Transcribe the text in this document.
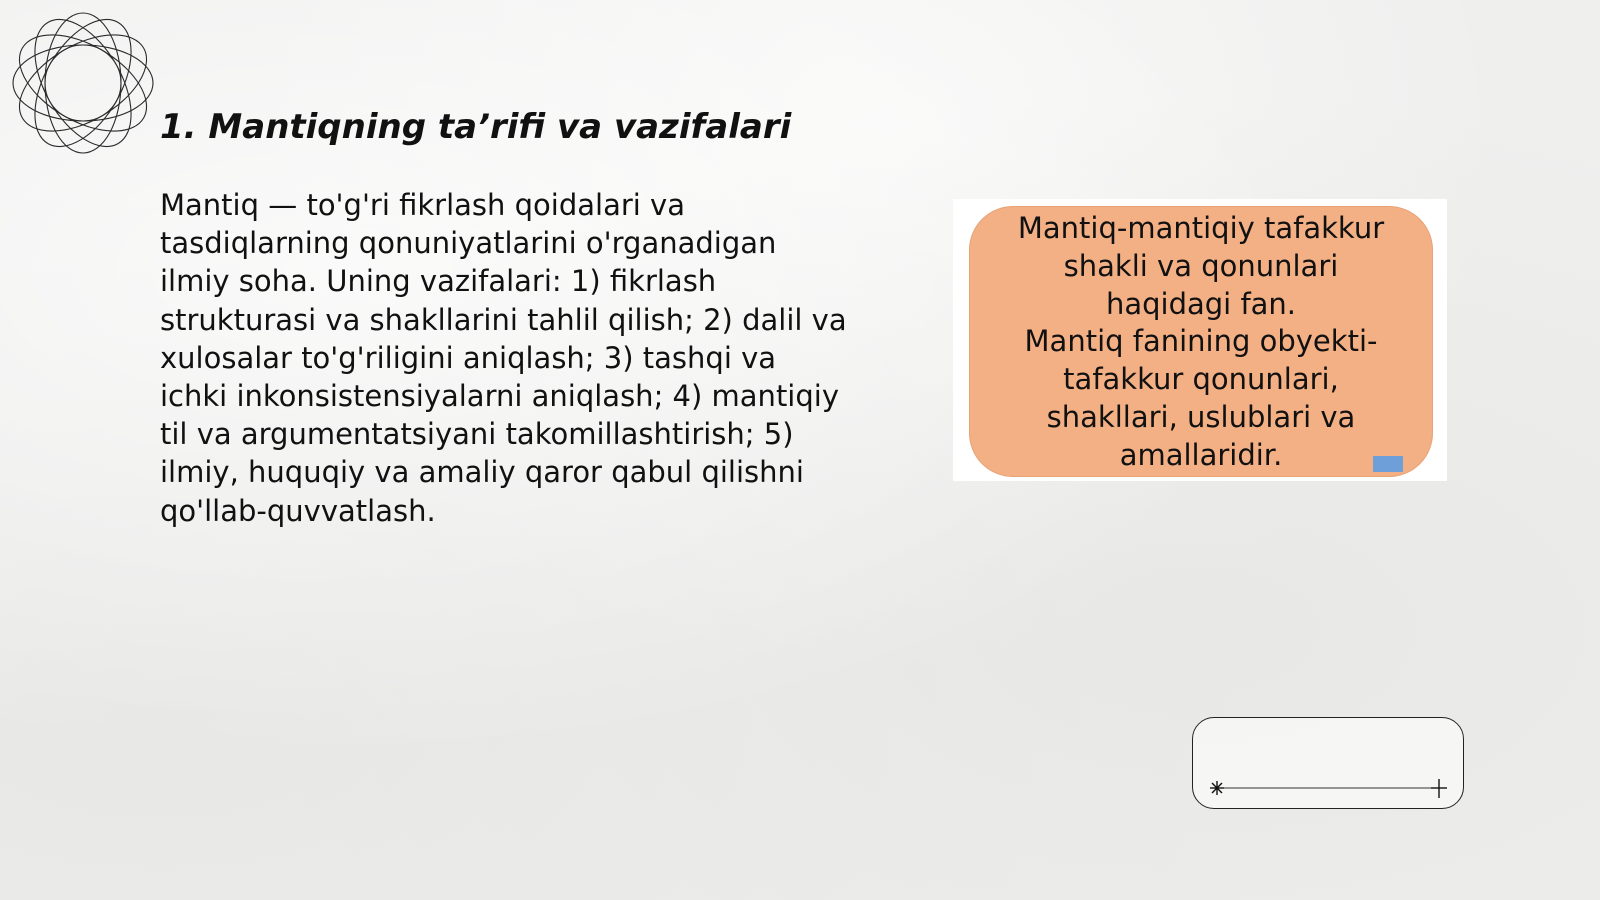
1. Mantiqning ta’rifi va vazifalari

Mantiq — to'g'ri fikrlash qoidalari va tasdiqlarning qonuniyatlarini o'rganadigan ilmiy soha. Uning vazifalari: 1) fikrlash strukturasi va shakllarini tahlil qilish; 2) dalil va xulosalar to'g'riligini aniqlash; 3) tashqi va ichki inkonsistensiyalarni aniqlash; 4) mantiqiy til va argumentatsiyani takomillashtirish; 5) ilmiy, huquqiy va amaliy qaror qabul qilishni qo'llab-quvvatlash.

Mantiq-mantiqiy tafakkur
shakli va qonunlari
haqidagi fan.
Mantiq fanining obyekti-
tafakkur qonunlari,
shakllari, uslublari va
amallaridir.
